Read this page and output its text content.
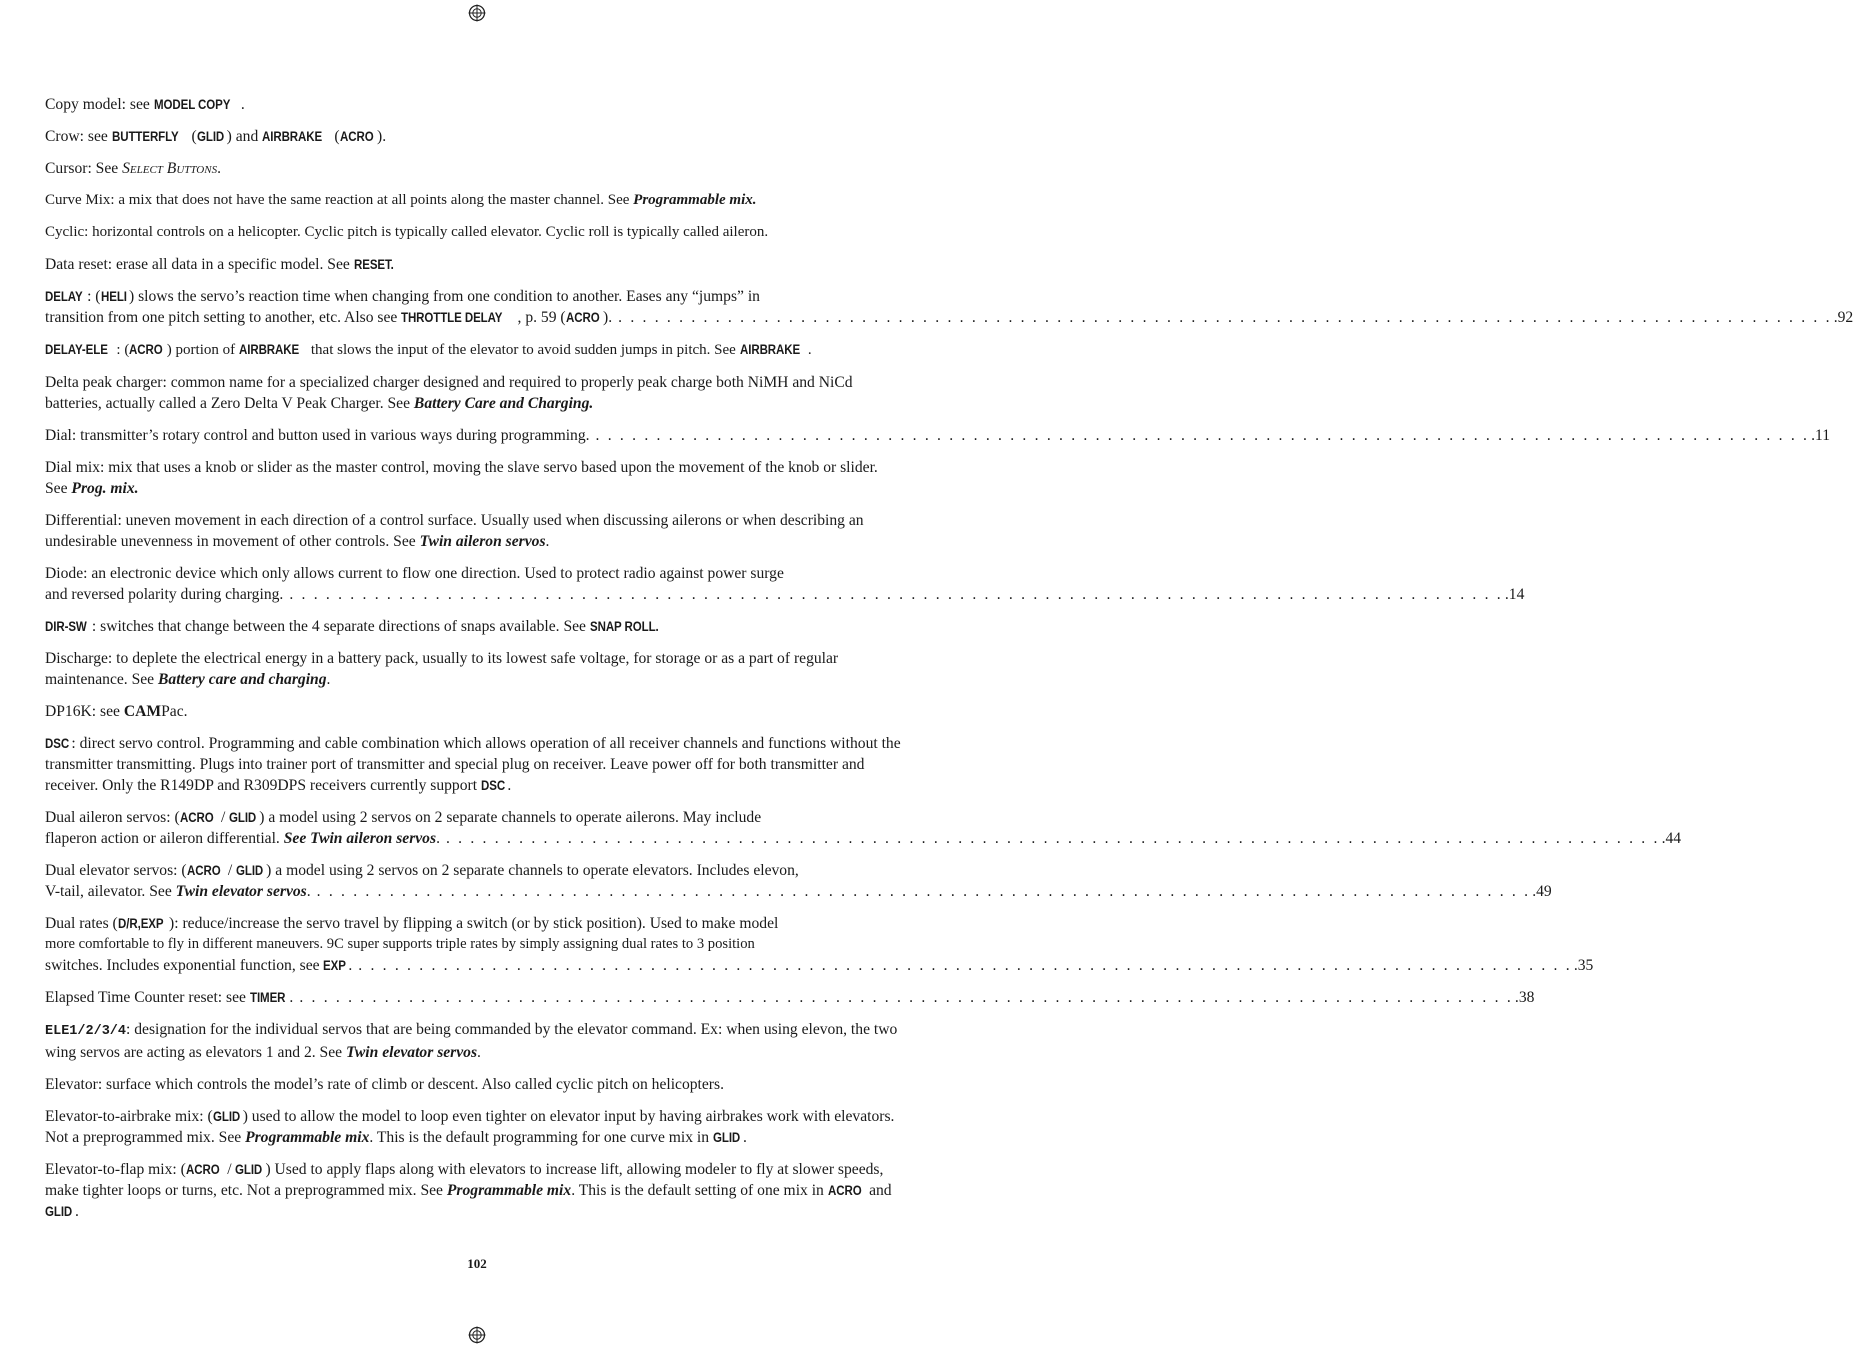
Copy model: see MODEL COPY .

Crow: see BUTTERFLY (GLID ) and AIRBRAKE (ACRO ).

Cursor: See Select Buttons.

Curve Mix: a mix that does not have the same reaction at all points along the master channel. See Programmable mix.

Cyclic: horizontal controls on a helicopter. Cyclic pitch is typically called elevator. Cyclic roll is typically called aileron.

Data reset: erase all data in a specific model. See RESET.

DELAY : (HELI ) slows the servo’s reaction time when changing from one condition to another. Eases any “jumps” in
transition from one pitch setting to another, etc. Also see THROTTLE DELAY , p. 59 (ACRO ). . . . . . . . . . . . . . . . . . . . . . . . . . . . . . . . . . . . . . . . . . . . . . . . . . . . . . . . . . . . . . . . . . . . . . . . . . . . . . . . . . . . . . . . . . . . . . . . . . . . . .92

DELAY-ELE : (ACRO ) portion of AIRBRAKE that slows the input of the elevator to avoid sudden jumps in pitch. See AIRBRAKE .

Delta peak charger: common name for a specialized charger designed and required to properly peak charge both NiMH and NiCd batteries, actually called a Zero Delta V Peak Charger. See Battery Care and Charging.

Dial: transmitter’s rotary control and button used in various ways during programming. . . . . . . . . . . . . . . . . . . . . . . . . . . . . . . . . . . . . . . . . . . . . . . . . . . . . . . . . . . . . . . . . . . . . . . . . . . . . . . . . . . . . . . . . . . . . . . . . . . . . .11

Dial mix: mix that uses a knob or slider as the master control, moving the slave servo based upon the movement of the knob or slider. See Prog. mix.

Differential: uneven movement in each direction of a control surface. Usually used when discussing ailerons or when describing an undesirable unevenness in movement of other controls. See Twin aileron servos.

Diode: an electronic device which only allows current to flow one direction. Used to protect radio against power surge
and reversed polarity during charging. . . . . . . . . . . . . . . . . . . . . . . . . . . . . . . . . . . . . . . . . . . . . . . . . . . . . . . . . . . . . . . . . . . . . . . . . . . . . . . . . . . . . . . . . . . . . . . . . . . . . .14

DIR-SW : switches that change between the 4 separate directions of snaps available. See SNAP ROLL.

Discharge: to deplete the electrical energy in a battery pack, usually to its lowest safe voltage, for storage or as a part of regular maintenance. See Battery care and charging.

DP16K: see CAMPac.

DSC : direct servo control. Programming and cable combination which allows operation of all receiver channels and functions without the transmitter transmitting. Plugs into trainer port of transmitter and special plug on receiver. Leave power off for both transmitter and receiver. Only the R149DP and R309DPS receivers currently support DSC .

Dual aileron servos: (ACRO / GLID ) a model using 2 servos on 2 separate channels to operate ailerons. May include
flaperon action or aileron differential. See Twin aileron servos. . . . . . . . . . . . . . . . . . . . . . . . . . . . . . . . . . . . . . . . . . . . . . . . . . . . . . . . . . . . . . . . . . . . . . . . . . . . . . . . . . . . . . . . . . . . . . . . . . . . . .44
Dual elevator servos: (ACRO / GLID ) a model using 2 servos on 2 separate channels to operate elevators. Includes elevon,
V-tail, ailevator. See Twin elevator servos. . . . . . . . . . . . . . . . . . . . . . . . . . . . . . . . . . . . . . . . . . . . . . . . . . . . . . . . . . . . . . . . . . . . . . . . . . . . . . . . . . . . . . . . . . . . . . . . . . . . . .49
Dual rates (D/R,EXP ): reduce/increase the servo travel by flipping a switch (or by stick position). Used to make model
more comfortable to fly in different maneuvers. 9C super supports triple rates by simply assigning dual rates to 3 position
switches. Includes exponential function, see EXP . . . . . . . . . . . . . . . . . . . . . . . . . . . . . . . . . . . . . . . . . . . . . . . . . . . . . . . . . . . . . . . . . . . . . . . . . . . . . . . . . . . . . . . . . . . . . . . . . . . . . .35
Elapsed Time Counter reset: see TIMER . . . . . . . . . . . . . . . . . . . . . . . . . . . . . . . . . . . . . . . . . . . . . . . . . . . . . . . . . . . . . . . . . . . . . . . . . . . . . . . . . . . . . . . . . . . . . . . . . . . . . .38

ELE1/2/3/4: designation for the individual servos that are being commanded by the elevator command. Ex: when using elevon, the two wing servos are acting as elevators 1 and 2. See Twin elevator servos.

Elevator: surface which controls the model’s rate of climb or descent. Also called cyclic pitch on helicopters.

Elevator-to-airbrake mix: (GLID ) used to allow the model to loop even tighter on elevator input by having airbrakes work with elevators. Not a preprogrammed mix. See Programmable mix. This is the default programming for one curve mix in GLID .

Elevator-to-flap mix: (ACRO / GLID ) Used to apply flaps along with elevators to increase lift, allowing modeler to fly at slower speeds, make tighter loops or turns, etc. Not a preprogrammed mix. See Programmable mix. This is the default setting of one mix in ACRO and GLID .

102
